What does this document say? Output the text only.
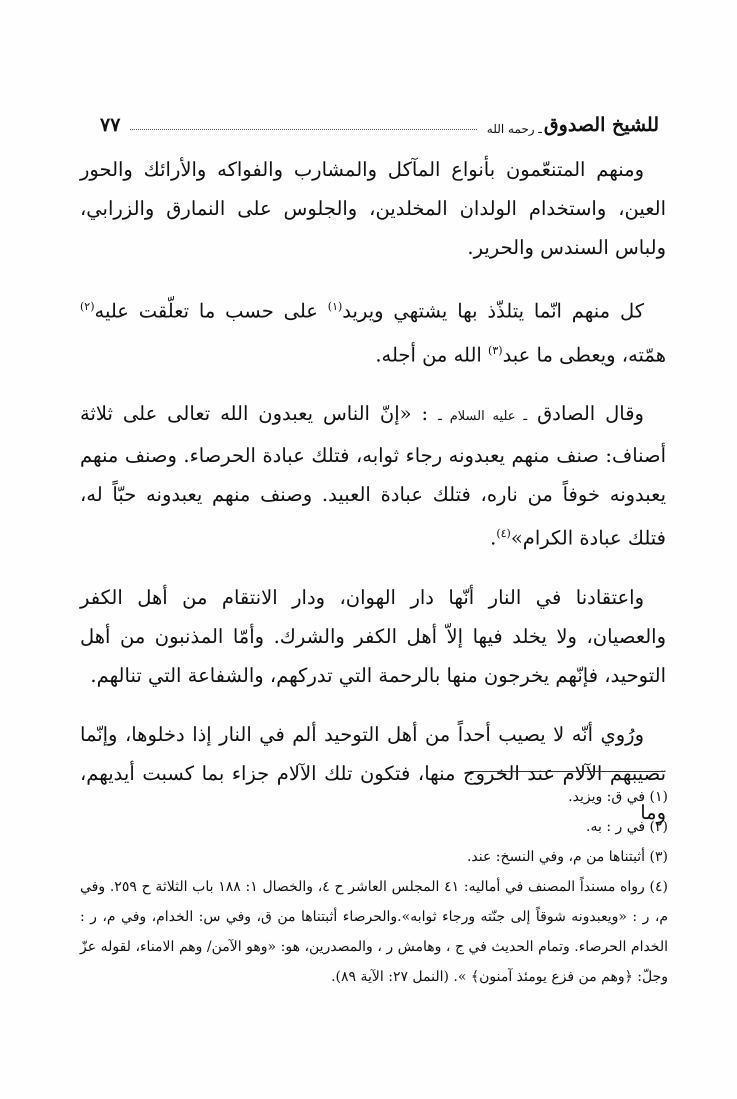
للشيخ الصدوق
ـ رحمه الله
٧٧

ومنهم المتنعّمون بأنواع المآكل والمشارب والفواكه والأرائك والحور العين، واستخدام الولدان المخلدين، والجلوس على النمارق والزرابي، ولباس السندس والحرير.

كل منهم انّما يتلذّذ بها يشتهي ويريد$^{(١)}$ على حسب ما تعلّقت عليه$^{(٢)}$ همّته، ويعطى ما عبد$^{(٣)}$ الله من أجله.

وقال الصادق ـ عليه السلام ـ : «إنّ الناس يعبدون الله تعالى على ثلاثة أصناف: صنف منهم يعبدونه رجاء ثوابه، فتلك عبادة الحرصاء. وصنف منهم يعبدونه خوفاً من ناره، فتلك عبادة العبيد. وصنف منهم يعبدونه حبّاً له، فتلك عبادة الكرام»$^{(٤)}$.

واعتقادنا في النار أنّها دار الهوان، ودار الانتقام من أهل الكفر والعصيان، ولا يخلد فيها إلاّ أهل الكفر والشرك. وأمّا المذنبون من أهل التوحيد، فإنّهم يخرجون منها بالرحمة التي تدركهم، والشفاعة التي تنالهم.

ورُوي أنّه لا يصيب أحداً من أهل التوحيد ألم في النار إذا دخلوها، وإنّما تصيبهم الآلام عند الخروج منها، فتكون تلك الآلام جزاء بما كسبت أيديهم، وما

(١) في ق: ويزيد.

(٢) في ر : به.

(٣) أثبتناها من م، وفي النسخ: عند.

(٤) رواه مسنداً المصنف في أماليه: ٤١ المجلس العاشر ح ٤، والخصال ١: ١٨٨ باب الثلاثة ح ٢٥٩. وفي م، ر : «ويعبدونه شوقاً إلى جنّته ورجاء ثوابه».والحرصاء أثبتناها من ق، وفي س: الخدام، وفي م، ر : الخدام الحرصاء. وتمام الحديث في ج ، وهامش ر ، والمصدرين، هو: «وهو الآمن/ وهم الامناء، لقوله عزّ وجلّ: ﴿وهم من فزع يومئذ آمنون﴾ ». (النمل ٢٧: الآية ٨٩).
